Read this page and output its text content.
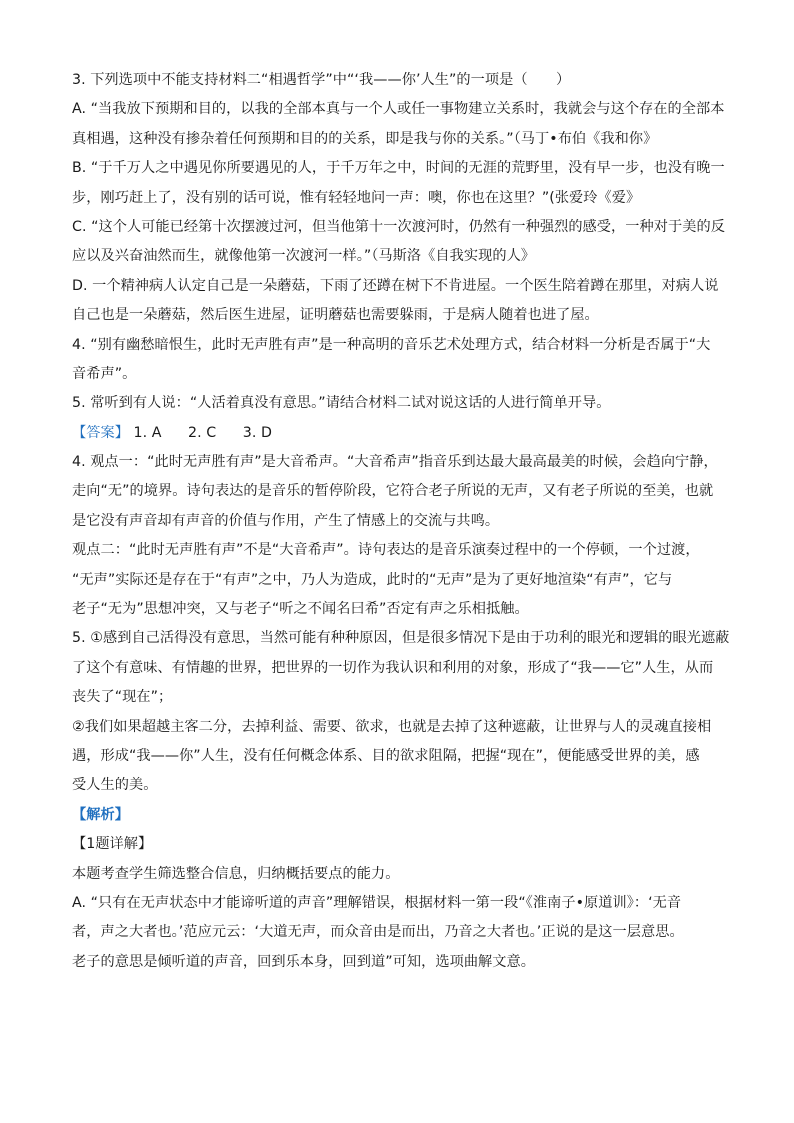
3. 下列选项中不能支持材料二“相遇哲学”中“‘我——你’人生”的一项是（　　）
A. “当我放下预期和目的，以我的全部本真与一个人或任一事物建立关系时，我就会与这个存在的全部本
真相遇，这种没有掺杂着任何预期和目的的关系，即是我与你的关系。”（马丁•布伯《我和你》
B. “于千万人之中遇见你所要遇见的人，于千万年之中，时间的无涯的荒野里，没有早一步，也没有晚一
步，刚巧赶上了，没有别的话可说，惟有轻轻地问一声：噢，你也在这里？”(张爱玲《爱》
C. “这个人可能已经第十次摆渡过河，但当他第十一次渡河时，仍然有一种强烈的感受，一种对于美的反
应以及兴奋油然而生，就像他第一次渡河一样。”（马斯洛《自我实现的人》
D. 一个精神病人认定自己是一朵蘑菇，下雨了还蹲在树下不肯进屋。一个医生陪着蹲在那里，对病人说
自己也是一朵蘑菇，然后医生进屋，证明蘑菇也需要躲雨，于是病人随着也进了屋。
4. “别有幽愁暗恨生，此时无声胜有声”是一种高明的音乐艺术处理方式，结合材料一分析是否属于“大
音希声”。
5. 常听到有人说：“人活着真没有意思。”请结合材料二试对说这话的人进行简单开导。
【答案】 1. A 2. C 3. D
4. 观点一：“此时无声胜有声”是大音希声。“大音希声”指音乐到达最大最高最美的时候，会趋向宁静，
走向“无”的境界。诗句表达的是音乐的暂停阶段，它符合老子所说的无声，又有老子所说的至美，也就
是它没有声音却有声音的价值与作用，产生了情感上的交流与共鸣。
观点二：“此时无声胜有声”不是“大音希声”。诗句表达的是音乐演奏过程中的一个停顿，一个过渡，
“无声”实际还是存在于“有声”之中，乃人为造成，此时的“无声”是为了更好地渲染“有声”，它与
老子“无为”思想冲突，又与老子“听之不闻名曰希”否定有声之乐相抵触。
5. ①感到自己活得没有意思，当然可能有种种原因，但是很多情况下是由于功利的眼光和逻辑的眼光遮蔽
了这个有意味、有情趣的世界，把世界的一切作为我认识和利用的对象，形成了“我——它”人生，从而
丧失了“现在”；
②我们如果超越主客二分，去掉利益、需要、欲求，也就是去掉了这种遮蔽，让世界与人的灵魂直接相
遇，形成“我——你”人生，没有任何概念体系、目的欲求阻隔，把握“现在”，便能感受世界的美，感
受人生的美。
【解析】
【1题详解】
本题考查学生筛选整合信息，归纳概括要点的能力。
A. “只有在无声状态中才能谛听道的声音”理解错误，根据材料一第一段“《淮南子•原道训》：‘无音
者，声之大者也。’范应元云：‘大道无声，而众音由是而出，乃音之大者也。’正说的是这一层意思。
老子的意思是倾听道的声音，回到乐本身，回到道”可知，选项曲解文意。
